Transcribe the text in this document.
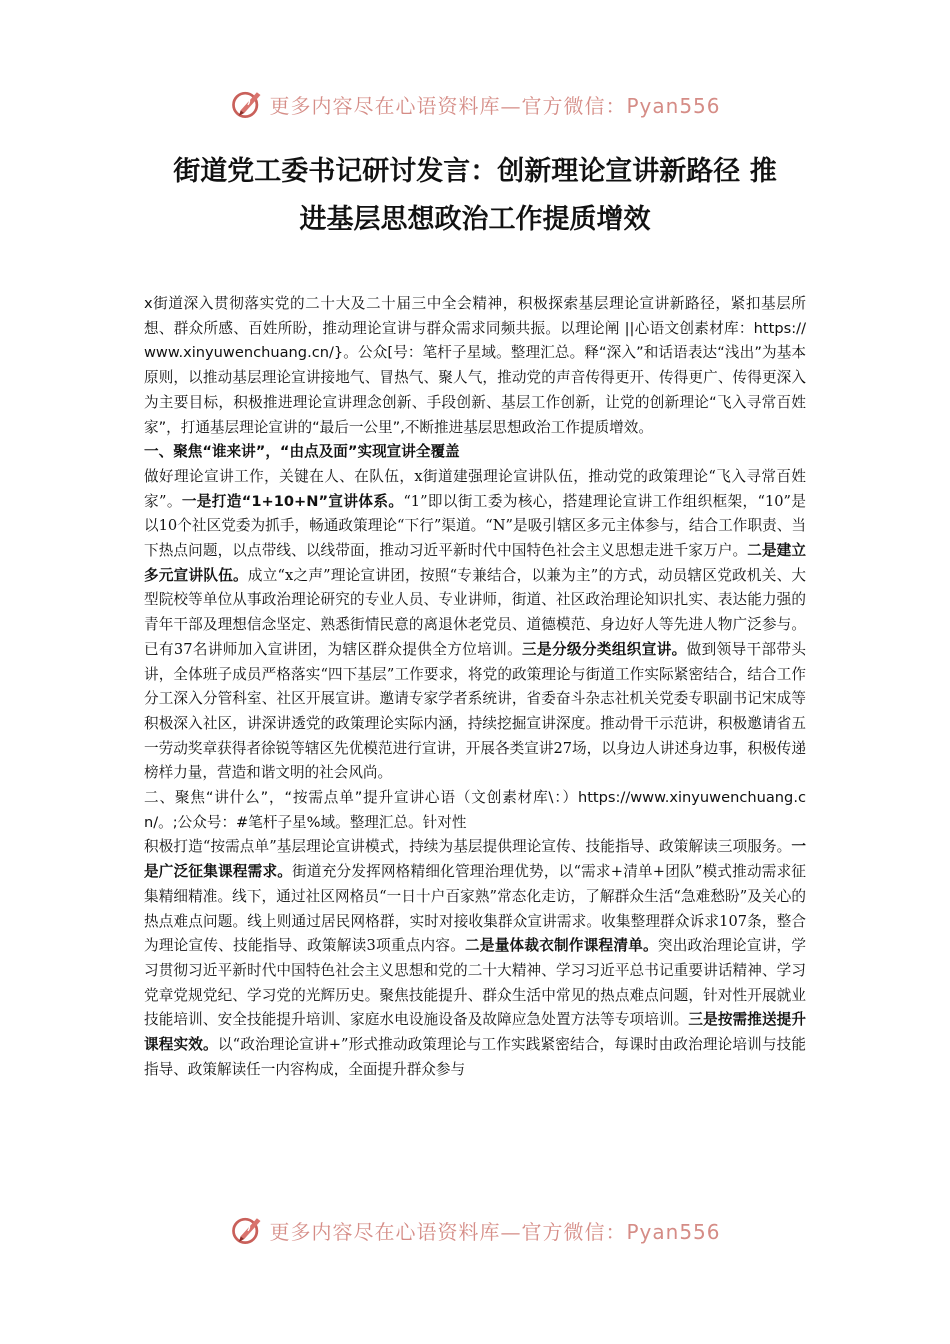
更多内容尽在心语资料库—官方微信：Pyan556
街道党工委书记研讨发言：创新理论宣讲新路径 推
进基层思想政治工作提质增效

x街道深入贯彻落实党的二十大及二十届三中全会精神，积极探索基层理论宣讲新路径，紧扣基层所想、群众所感、百姓所盼，推动理论宣讲与群众需求同频共振。以理论阐 ||心语文创素材库：https://www.xinyuwenchuang.cn/}。公众[号：笔杆子星域。整理汇总。释“深入”和话语表达“浅出”为基本原则，以推动基层理论宣讲接地气、冒热气、聚人气，推动党的声音传得更开、传得更广、传得更深入为主要目标，积极推进理论宣讲理念创新、手段创新、基层工作创新，让党的创新理论“飞入寻常百姓家”，打通基层理论宣讲的“最后一公里”,不断推进基层思想政治工作提质增效。

一、聚焦“谁来讲”，“由点及面”实现宣讲全覆盖

做好理论宣讲工作，关键在人、在队伍，x街道建强理论宣讲队伍，推动党的政策理论“飞入寻常百姓家”。一是打造“1+10+N”宣讲体系。“1”即以街工委为核心，搭建理论宣讲工作组织框架，“10”是以10个社区党委为抓手，畅通政策理论“下行”渠道。“N”是吸引辖区多元主体参与，结合工作职责、当下热点问题，以点带线、以线带面，推动习近平新时代中国特色社会主义思想走进千家万户。二是建立多元宣讲队伍。成立“x之声”理论宣讲团，按照“专兼结合，以兼为主”的方式，动员辖区党政机关、大型院校等单位从事政治理论研究的专业人员、专业讲师，街道、社区政治理论知识扎实、表达能力强的青年干部及理想信念坚定、熟悉街情民意的离退休老党员、道德模范、身边好人等先进人物广泛参与。已有37名讲师加入宣讲团，为辖区群众提供全方位培训。三是分级分类组织宣讲。做到领导干部带头讲，全体班子成员严格落实“四下基层”工作要求，将党的政策理论与街道工作实际紧密结合，结合工作分工深入分管科室、社区开展宣讲。邀请专家学者系统讲，省委奋斗杂志社机关党委专职副书记宋成等积极深入社区，讲深讲透党的政策理论实际内涵，持续挖掘宣讲深度。推动骨干示范讲，积极邀请省五一劳动奖章获得者徐锐等辖区先优模范进行宣讲，开展各类宣讲27场，以身边人讲述身边事，积极传递榜样力量，营造和谐文明的社会风尚。

二、聚焦“讲什么”，“按需点单”提升宣讲心语（文创素材库\：）https://www.xinyuwenchuang.cn/。;公众号：#笔杆子星%域。整理汇总。针对性

积极打造“按需点单”基层理论宣讲模式，持续为基层提供理论宣传、技能指导、政策解读三项服务。一是广泛征集课程需求。街道充分发挥网格精细化管理治理优势，以“需求+清单+团队”模式推动需求征集精细精准。线下，通过社区网格员“一日十户百家熟”常态化走访，了解群众生活“急难愁盼”及关心的热点难点问题。线上则通过居民网格群，实时对接收集群众宣讲需求。收集整理群众诉求107条，整合为理论宣传、技能指导、政策解读3项重点内容。二是量体裁衣制作课程清单。突出政治理论宣讲，学习贯彻习近平新时代中国特色社会主义思想和党的二十大精神、学习习近平总书记重要讲话精神、学习党章党规党纪、学习党的光辉历史。聚焦技能提升、群众生活中常见的热点难点问题，针对性开展就业技能培训、安全技能提升培训、家庭水电设施设备及故障应急处置方法等专项培训。三是按需推送提升课程实效。以“政治理论宣讲+”形式推动政策理论与工作实践紧密结合，每课时由政治理论培训与技能指导、政策解读任一内容构成，全面提升群众参与

更多内容尽在心语资料库—官方微信：Pyan556
